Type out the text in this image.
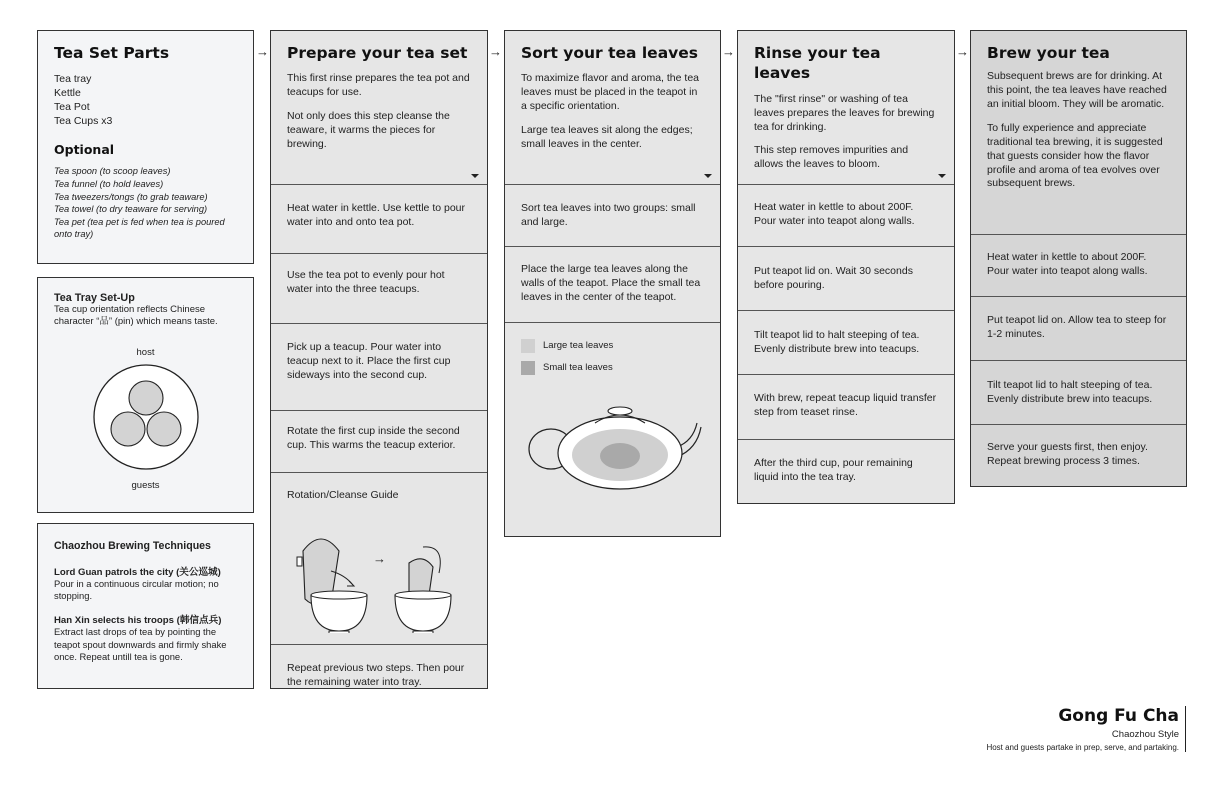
Tea Set Parts
Tea tray
Kettle
Tea Pot
Tea Cups x3
Optional
Tea spoon (to scoop leaves)
Tea funnel (to hold leaves)
Tea tweezers/tongs (to grab teaware)
Tea towel (to dry teaware for serving)
Tea pet (tea pet is fed when tea is poured onto tray)
Tea Tray Set-Up
Tea cup orientation reflects Chinese character “品” (pin) which means taste.
host
guests
Chaozhou Brewing Techniques
Lord Guan patrols the city (关公巡城)
Pour in a continuous circular motion; no stopping.
Han Xin selects his troops (韩信点兵)
Extract last drops of tea by pointing the teapot spout downwards and firmly shake once. Repeat untill tea is gone.
→	→	→	→
Prepare your tea set

This first rinse prepares the tea pot and teacups for use.

Not only does this step cleanse the teaware, it warms the pieces for brewing.

Heat water in kettle. Use kettle to pour water into and onto tea pot.
Use the tea pot to evenly pour hot water into the three teacups.
Pick up a teacup. Pour water into teacup next to it. Place the first cup sideways into the second cup.
Rotate the first cup inside the second cup. This warms the teacup exterior.
Rotation/Cleanse Guide
→
Repeat previous two steps. Then pour the remaining water into tray.
Sort your tea leaves

To maximize flavor and aroma, the tea leaves must be placed in the teapot in a specific orientation.

Large tea leaves sit along the edges; small leaves in the center.

Sort tea leaves into two groups: small and large.
Place the large tea leaves along the walls of the teapot. Place the small tea leaves in the center of the teapot.
Large tea leaves
Small tea leaves
Rinse your tea leaves

The "first rinse" or washing of tea leaves prepares the leaves for brewing tea for drinking.

This step removes impurities and allows the leaves to bloom.

Heat water in kettle to about 200F. Pour water into teapot along walls.
Put teapot lid on. Wait 30 seconds before pouring.
Tilt teapot lid to halt steeping of tea. Evenly distribute brew into teacups.
With brew, repeat teacup liquid transfer step from teaset rinse.
After the third cup, pour remaining liquid into the tea tray.
Brew your tea

Subsequent brews are for drinking. At this point, the tea leaves have reached an initial bloom. They will be aromatic.

To fully experience and appreciate traditional tea brewing, it is suggested that guests consider how the flavor profile and aroma of tea evolves over subsequent brews.

Heat water in kettle to about 200F. Pour water into teapot along walls.
Put teapot lid on. Allow tea to steep for 1-2 minutes.
Tilt teapot lid to halt steeping of tea. Evenly distribute brew into teacups.
Serve your guests first, then enjoy. Repeat brewing process 3 times.
Gong Fu Cha
Chaozhou Style
Host and guests partake in prep, serve, and partaking.
